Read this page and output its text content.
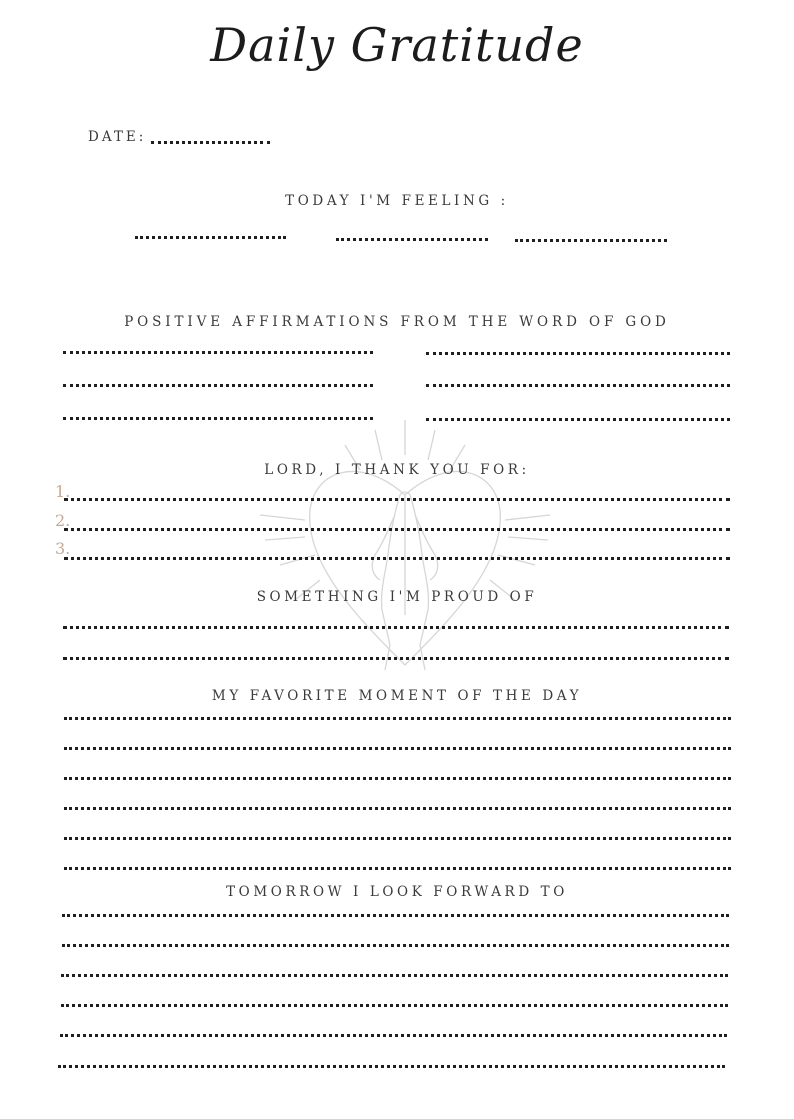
Daily Gratitude
DATE:
TODAY I'M FEELING :
POSITIVE AFFIRMATIONS FROM THE WORD OF GOD
LORD, I THANK YOU FOR:
1.
2.
3.
SOMETHING I'M PROUD OF
MY FAVORITE MOMENT OF THE DAY
TOMORROW I LOOK FORWARD TO
